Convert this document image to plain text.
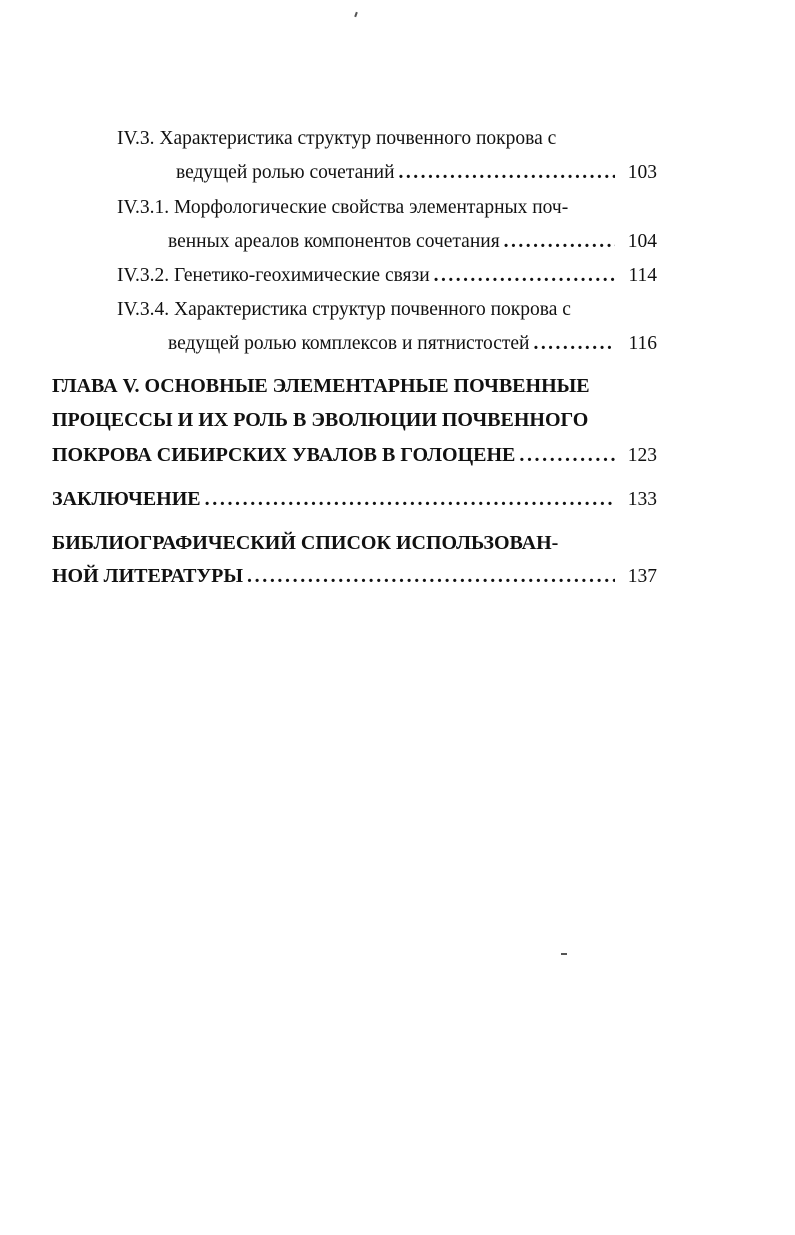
IV.3. Характеристика структур почвенного покрова с
ведущей ролью сочетаний . . .	103
IV.3.1. Морфологические свойства элементарных поч-
венных ареалов компонентов сочетания . . .	104
IV.3.2. Генетико-геохимические связи . . .	114
IV.3.4. Характеристика структур почвенного покрова с
ведущей ролью комплексов и пятнистостей . . .	116
ГЛАВА V. ОСНОВНЫЕ ЭЛЕМЕНТАРНЫЕ ПОЧВЕННЫЕ
ПРОЦЕССЫ И ИХ РОЛЬ В ЭВОЛЮЦИИ ПОЧВЕННОГО
ПОКРОВА СИБИРСКИХ УВАЛОВ В ГОЛОЦЕНЕ . . .	123
ЗАКЛЮЧЕНИЕ . . .	133
БИБЛИОГРАФИЧЕСКИЙ СПИСОК ИСПОЛЬЗОВАН-
НОЙ ЛИТЕРАТУРЫ . . .	137
